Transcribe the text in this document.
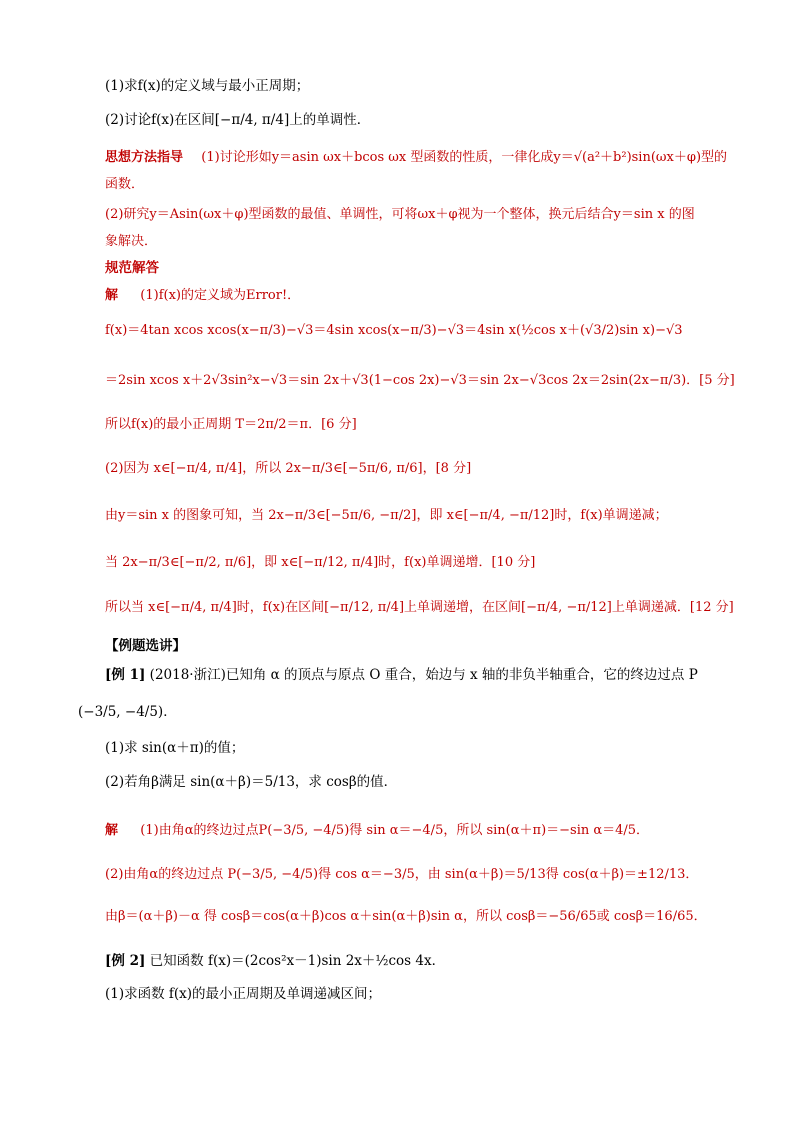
(1)求f(x)的定义域与最小正周期；
(2)讨论f(x)在区间[−π/4, π/4]上的单调性．
思想方法指导 (1)讨论形如y＝asin ωx＋bcos ωx 型函数的性质，一律化成y＝√(a²＋b²)sin(ωx＋φ)型的
函数．
(2)研究y＝Asin(ωx＋φ)型函数的最值、单调性，可将ωx＋φ视为一个整体，换元后结合y＝sin x 的图
象解决．
规范解答
解 (1)f(x)的定义域为Error!．
f(x)＝4tan xcos xcos(x−π/3)−√3＝4sin xcos(x−π/3)−√3＝4sin x(½cos x＋(√3/2)sin x)−√3
＝2sin xcos x＋2√3sin²x−√3＝sin 2x＋√3(1−cos 2x)−√3＝sin 2x−√3cos 2x＝2sin(2x−π/3)．[5 分]
所以f(x)的最小正周期 T＝2π/2＝π．[6 分]
(2)因为 x∈[−π/4, π/4]，所以 2x−π/3∈[−5π/6, π/6]，[8 分]
由y＝sin x 的图象可知，当 2x−π/3∈[−5π/6, −π/2]，即 x∈[−π/4, −π/12]时，f(x)单调递减；
当 2x−π/3∈[−π/2, π/6]，即 x∈[−π/12, π/4]时，f(x)单调递增．[10 分]
所以当 x∈[−π/4, π/4]时，f(x)在区间[−π/12, π/4]上单调递增，在区间[−π/4, −π/12]上单调递减．[12 分]
【例题选讲】
[例 1] (2018·浙江)已知角 α 的顶点与原点 O 重合，始边与 x 轴的非负半轴重合，它的终边过点 P
(−3/5, −4/5)．
(1)求 sin(α＋π)的值；
(2)若角β满足 sin(α＋β)＝5/13，求 cosβ的值．
解 (1)由角α的终边过点P(−3/5, −4/5)得 sin α＝−4/5，所以 sin(α＋π)＝−sin α＝4/5．
(2)由角α的终边过点 P(−3/5, −4/5)得 cos α＝−3/5，由 sin(α＋β)＝5/13得 cos(α＋β)＝±12/13．
由β＝(α＋β)－α 得 cosβ＝cos(α＋β)cos α＋sin(α＋β)sin α，所以 cosβ＝−56/65或 cosβ＝16/65．
[例 2] 已知函数 f(x)＝(2cos²x－1)sin 2x＋½cos 4x．
(1)求函数 f(x)的最小正周期及单调递减区间；
